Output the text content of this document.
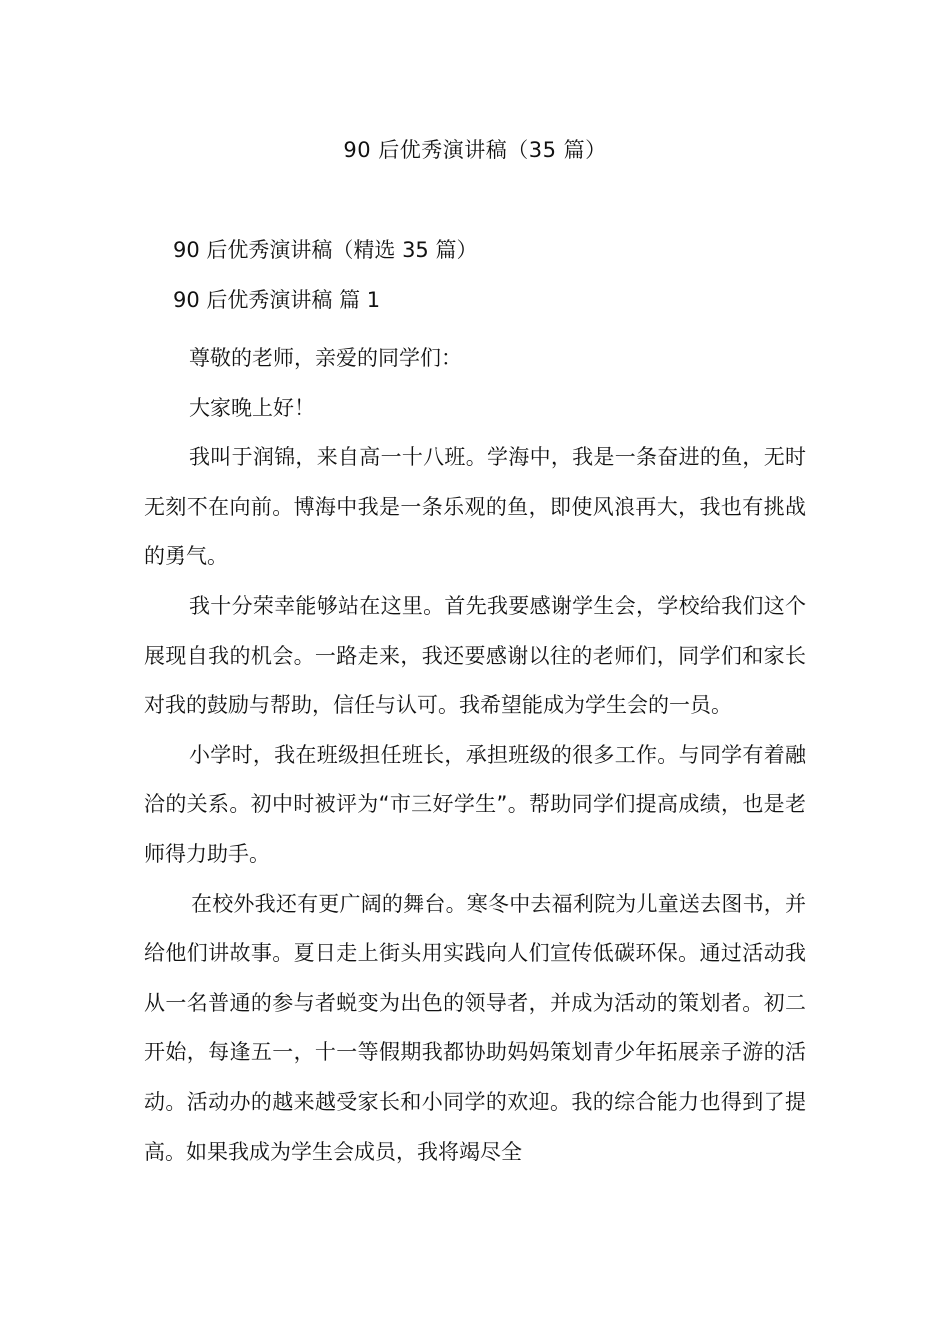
90 后优秀演讲稿（35 篇）
90 后优秀演讲稿（精选 35 篇）
90 后优秀演讲稿 篇 1

尊敬的老师，亲爱的同学们：

大家晚上好！

我叫于润锦，来自高一十八班。学海中，我是一条奋进的鱼，无时无刻不在向前。博海中我是一条乐观的鱼，即使风浪再大，我也有挑战的勇气。

我十分荣幸能够站在这里。首先我要感谢学生会，学校给我们这个展现自我的机会。一路走来，我还要感谢以往的老师们，同学们和家长对我的鼓励与帮助，信任与认可。我希望能成为学生会的一员。

小学时，我在班级担任班长，承担班级的很多工作。与同学有着融洽的关系。初中时被评为“市三好学生”。帮助同学们提高成绩，也是老师得力助手。

在校外我还有更广阔的舞台。寒冬中去福利院为儿童送去图书，并给他们讲故事。夏日走上街头用实践向人们宣传低碳环保。通过活动我从一名普通的参与者蜕变为出色的领导者，并成为活动的策划者。初二开始，每逢五一，十一等假期我都协助妈妈策划青少年拓展亲子游的活动。活动办的越来越受家长和小同学的欢迎。我的综合能力也得到了提高。如果我成为学生会成员，我将竭尽全
